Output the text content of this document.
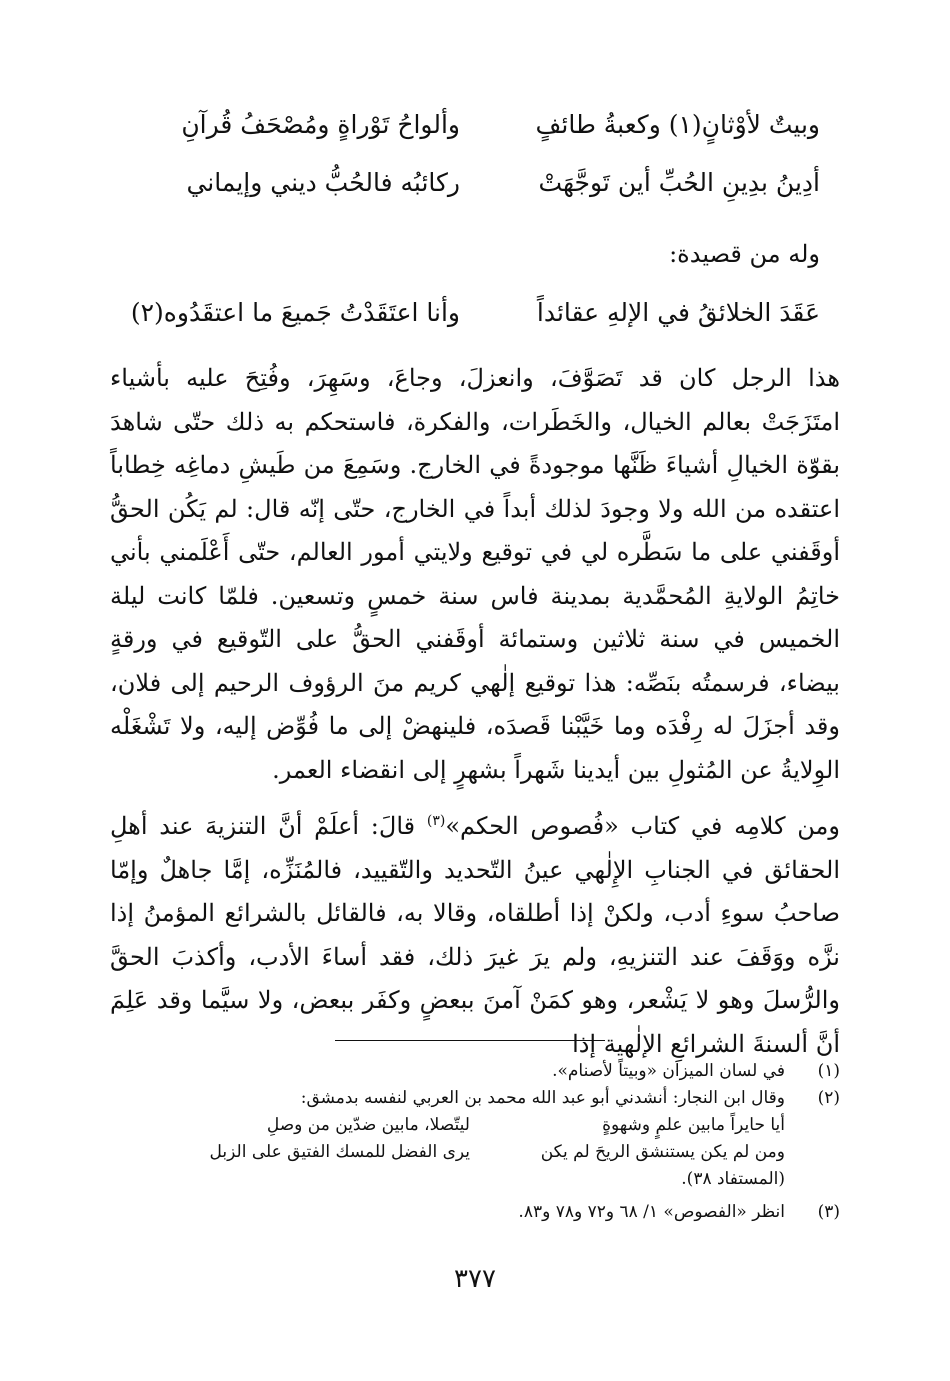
وبيتٌ لأوْثانٍ(١) وكعبةُ طائفٍ
وألواحُ تَوْراةٍ ومُصْحَفُ قُرآنِ
أدِينُ بدِينِ الحُبِّ أين تَوجَّهَتْ
ركائبُه فالحُبُّ ديني وإيماني
وله من قصيدة:
عَقَدَ الخلائقُ في الإلهِ عقائداً
وأنا اعتَقَدْتُ جَميعَ ما اعتقَدُوه(٢)
هذا الرجل كان قد تَصَوَّفَ، وانعزلَ، وجاعَ، وسَهِرَ، وفُتِحَ عليه بأشياء امتَزَجَتْ بعالم الخيال، والخَطَرات، والفكرة، فاستحكم به ذلك حتّى شاهدَ بقوّة الخيالِ أشياءَ ظَنَّها موجودةً في الخارج. وسَمِعَ من طَيشِ دماغِه خِطاباً اعتقده من الله ولا وجودَ لذلك أبداً في الخارج، حتّى إنّه قال: لم يَكُن الحقُّ أوقَفني على ما سَطَّره لي في توقيع ولايتي أمور العالم، حتّى أَعْلَمني بأني خاتِمُ الولايةِ المُحمَّدية بمدينة فاس سنة خمسٍ وتسعين. فلمّا كانت ليلة الخميس في سنة ثلاثين وستمائة أوقَفني الحقُّ على التّوقيع في ورقةٍ بيضاء، فرسمتُه بنَصِّه: هذا توقيع إلٰهي كريم منَ الرؤوف الرحيم إلى فلان، وقد أجزَلَ له رِفْدَه وما خَيَّبْنا قَصدَه، فلينهضْ إلى ما فُوِّض إليه، ولا تَشْغَلْه الوِلايةُ عن المُثولِ بين أيدينا شَهراً بشهرٍ إلى انقضاء العمر.
ومن كلامِه في كتاب «فُصوص الحكم»$^{(٣)}$ قالَ: أعلَمْ أنَّ التنزيهَ عند أهلِ الحقائق في الجنابِ الإِلٰهي عينُ التّحديد والتّقييد، فالمُنَزِّه، إمَّا جاهلٌ وإمّا صاحبُ سوءِ أدب، ولكنْ إذا أطلقاه، وقالا به، فالقائل بالشرائع المؤمنُ إذا نزَّه ووَقَفَ عند التنزيهِ، ولم يرَ غيرَ ذلك، فقد أساءَ الأدب، وأكذبَ الحقَّ والرُّسلَ وهو لا يَشْعر، وهو كمَنْ آمنَ ببعضٍ وكفَر ببعض، ولا سيَّما وقد عَلِمَ أنَّ ألسنةَ الشرائعِ الإلٰهية إذا
(١)
في لسان الميزان «وبيتاً لأصنام».
(٢)
وقال ابن النجار: أنشدني أبو عبد الله محمد بن العربي لنفسه بدمشق:
أيا حايراً مابين علمٍ وشهوةٍ
ليتّصلا، مابين ضدّين من وصلِ
ومن لم يكن يستنشق الريحَ لم يكن
يرى الفضل للمسك الفتيق على الزبل
(المستفاد ٣٨).
(٣)
انظر «الفصوص» ١/ ٦٨ و٧٢ و٧٨ و٨٣.
٣٧٧
